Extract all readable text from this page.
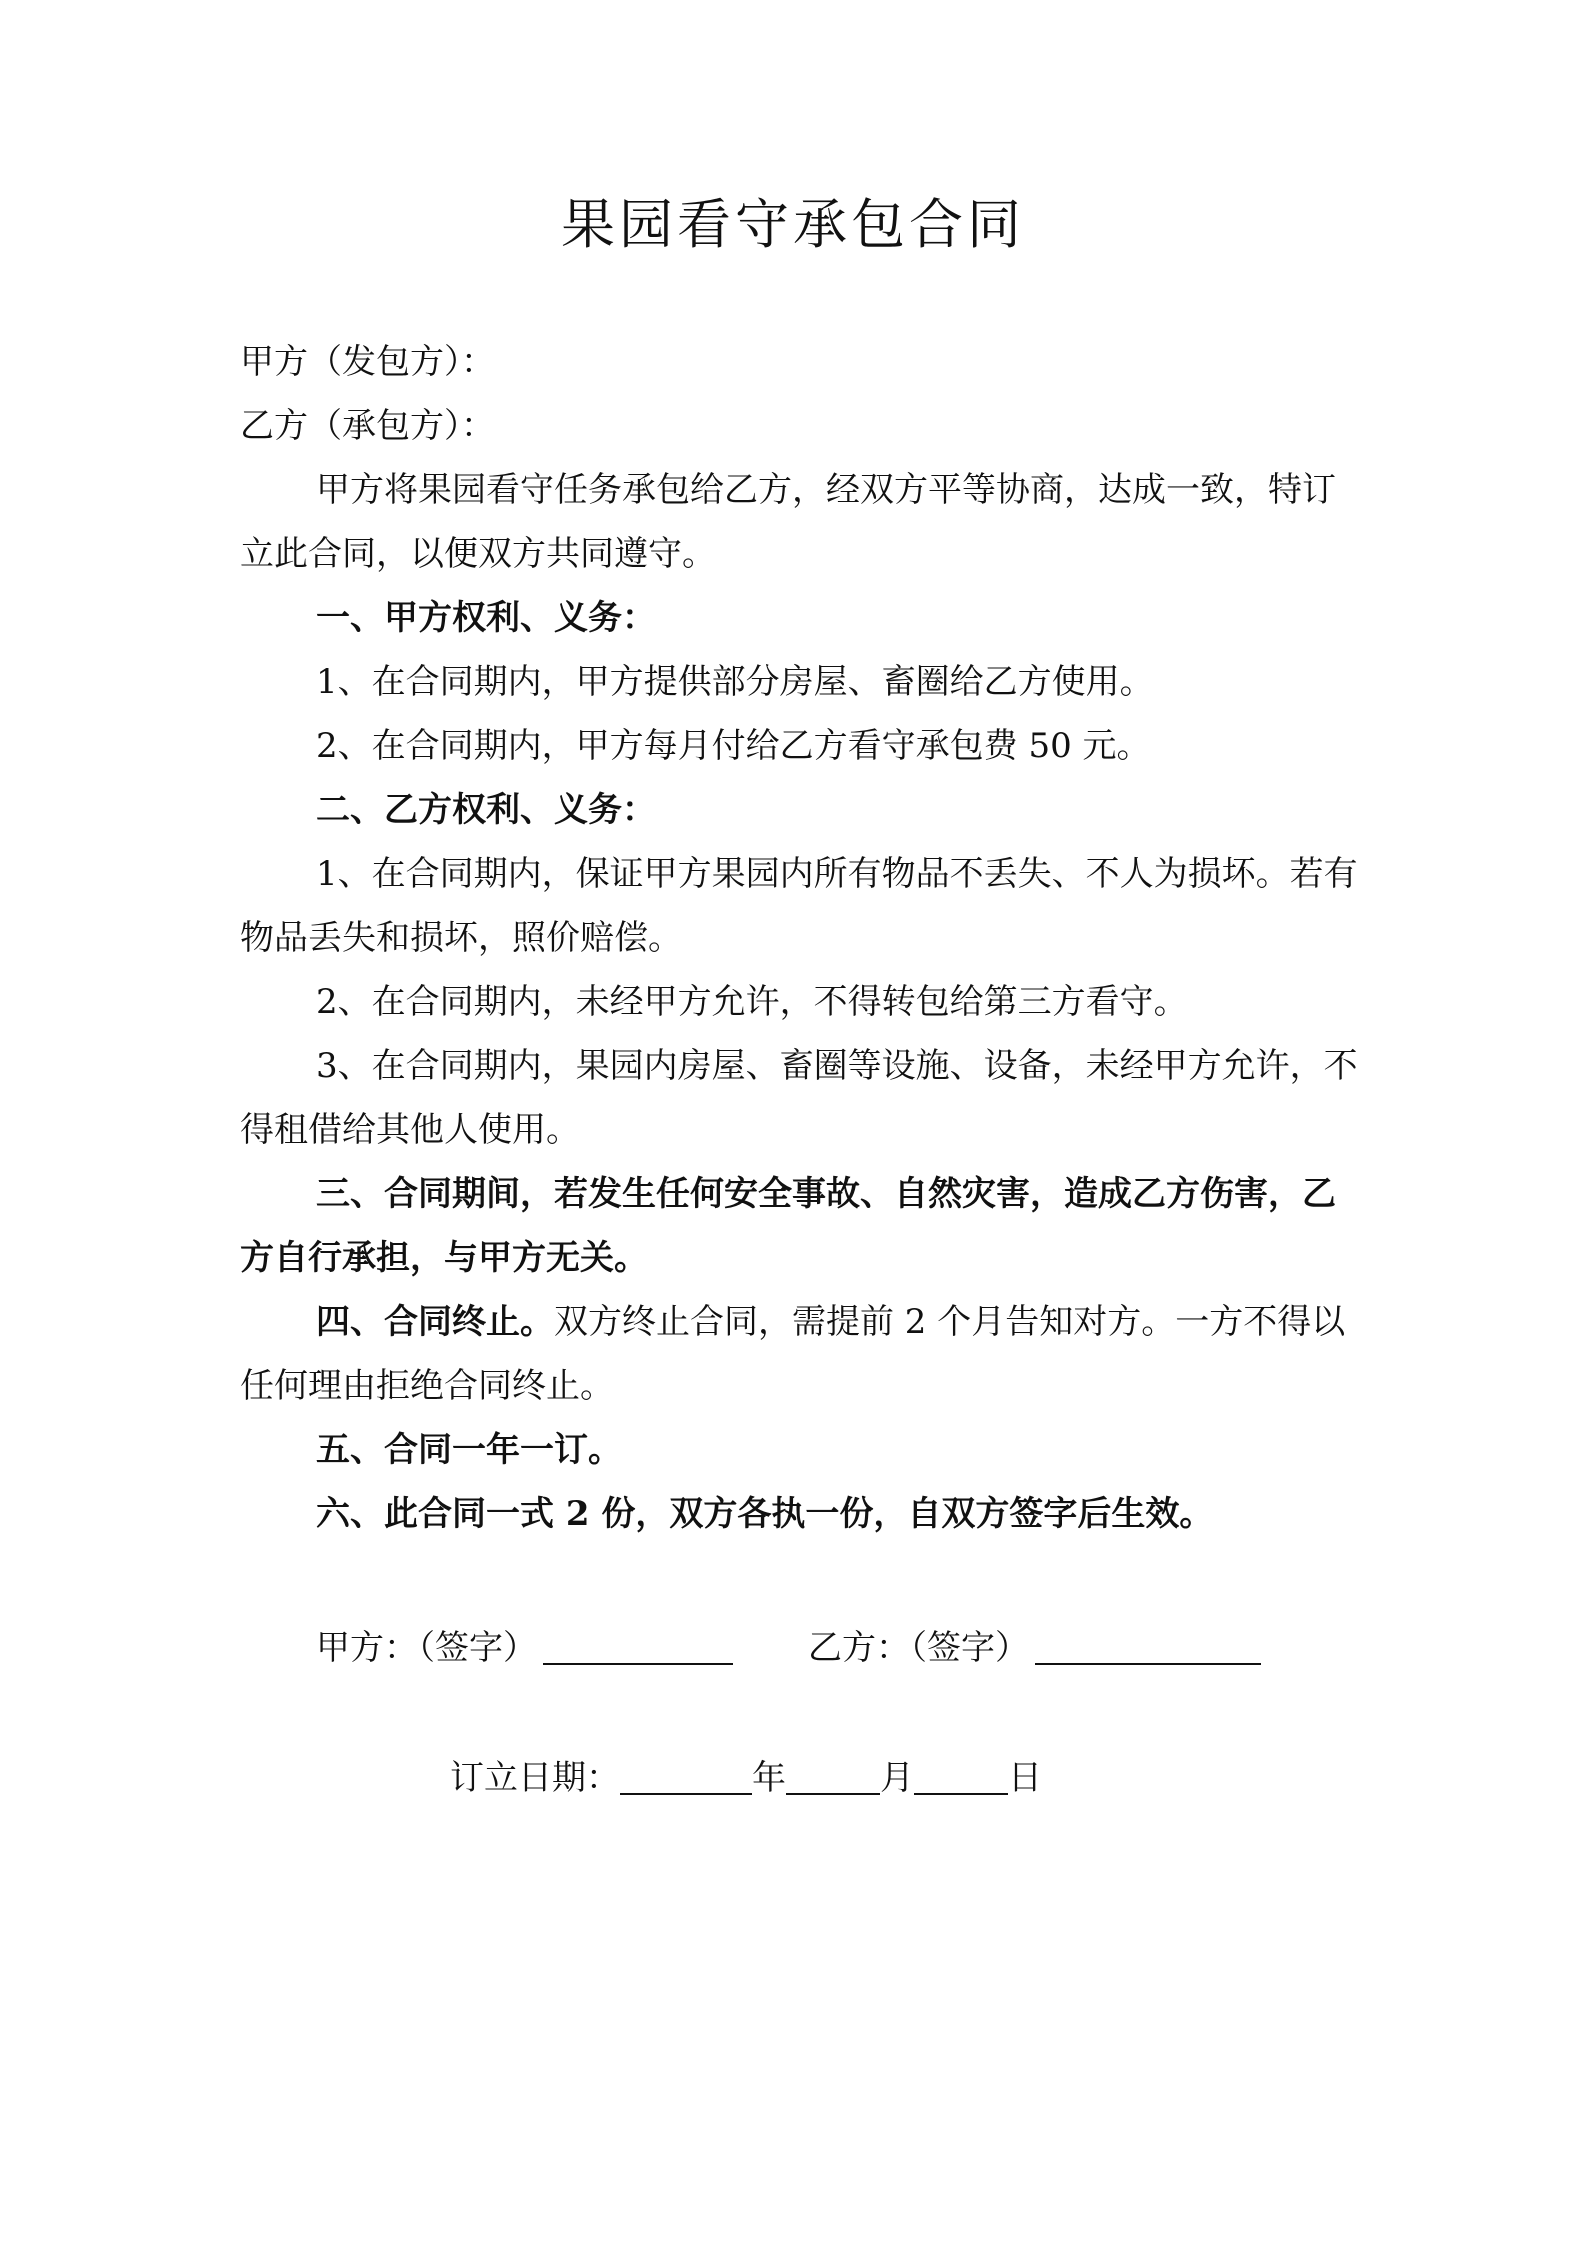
果园看守承包合同

甲方（发包方）：

乙方（承包方）：

甲方将果园看守任务承包给乙方，经双方平等协商，达成一致，特订立此合同，以便双方共同遵守。

一、甲方权利、义务：

1、在合同期内，甲方提供部分房屋、畜圈给乙方使用。

2、在合同期内，甲方每月付给乙方看守承包费 50 元。

二、乙方权利、义务：

1、在合同期内，保证甲方果园内所有物品不丢失、不人为损坏。若有物品丢失和损坏，照价赔偿。

2、在合同期内，未经甲方允许，不得转包给第三方看守。

3、在合同期内，果园内房屋、畜圈等设施、设备，未经甲方允许，不得租借给其他人使用。

三、合同期间，若发生任何安全事故、自然灾害，造成乙方伤害，乙方自行承担，与甲方无关。

四、合同终止。双方终止合同，需提前 2 个月告知对方。一方不得以任何理由拒绝合同终止。

五、合同一年一订。

六、此合同一式 2 份，双方各执一份，自双方签字后生效。

甲方：（签字）	乙方：（签字）
订立日期：	年	月	日
